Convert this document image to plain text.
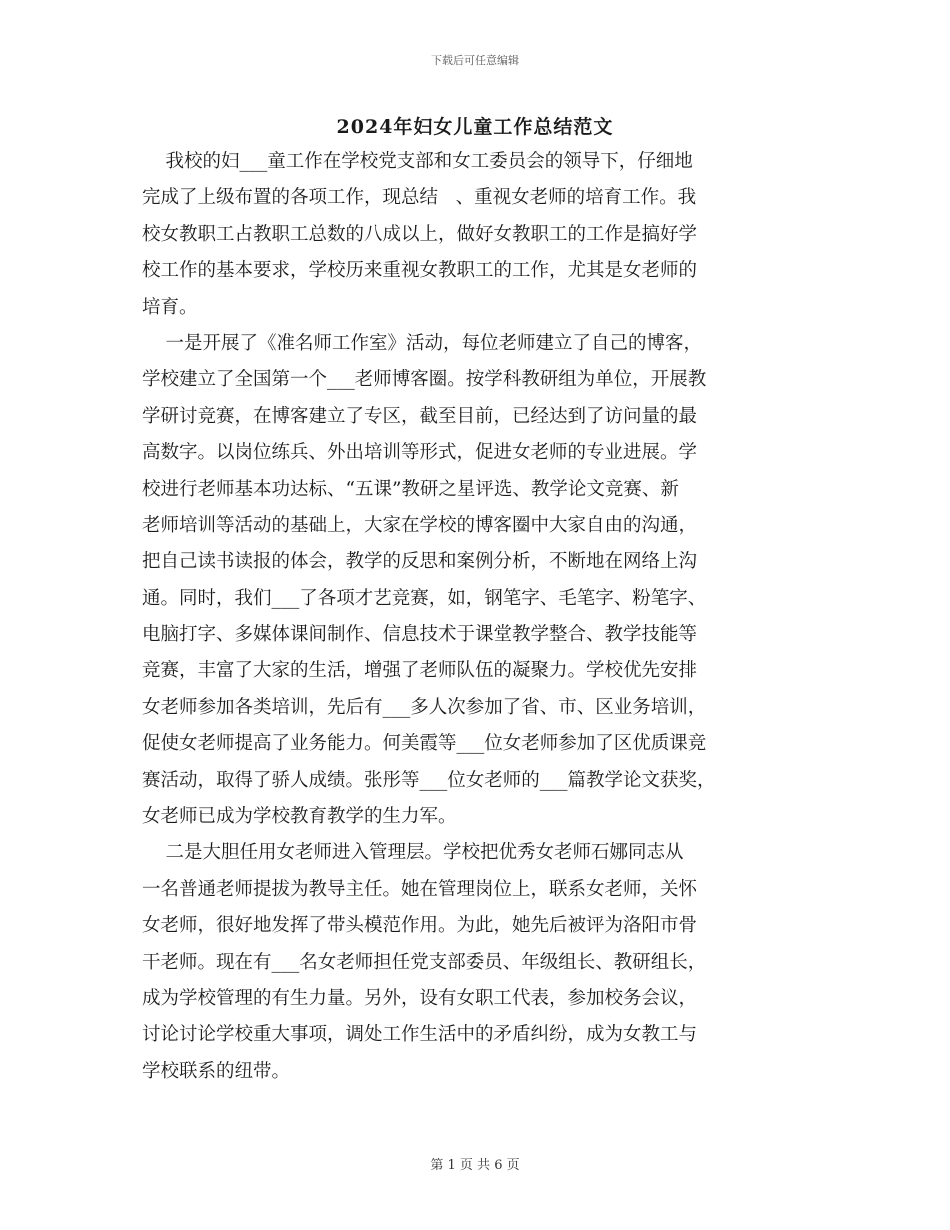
下载后可任意编辑
2024年妇女儿童工作总结范文
我校的妇___童工作在学校党支部和女工委员会的领导下，仔细地
完成了上级布置的各项工作，现总结   、重视女老师的培育工作。我
校女教职工占教职工总数的八成以上，做好女教职工的工作是搞好学
校工作的基本要求，学校历来重视女教职工的工作，尤其是女老师的
培育。
一是开展了《准名师工作室》活动，每位老师建立了自己的博客，
学校建立了全国第一个___老师博客圈。按学科教研组为单位，开展教
学研讨竞赛，在博客建立了专区，截至目前，已经达到了访问量的最
高数字。以岗位练兵、外出培训等形式，促进女老师的专业进展。学
校进行老师基本功达标、“五课”教研之星评选、教学论文竞赛、新
老师培训等活动的基础上，大家在学校的博客圈中大家自由的沟通，
把自己读书读报的体会，教学的反思和案例分析，不断地在网络上沟
通。同时，我们___了各项才艺竞赛，如，钢笔字、毛笔字、粉笔字、
电脑打字、多媒体课间制作、信息技术于课堂教学整合、教学技能等
竞赛，丰富了大家的生活，增强了老师队伍的凝聚力。学校优先安排
女老师参加各类培训，先后有___多人次参加了省、市、区业务培训，
促使女老师提高了业务能力。何美霞等___位女老师参加了区优质课竞
赛活动，取得了骄人成绩。张彤等___位女老师的___篇教学论文获奖，
女老师已成为学校教育教学的生力军。
二是大胆任用女老师进入管理层。学校把优秀女老师石娜同志从
一名普通老师提拔为教导主任。她在管理岗位上，联系女老师，关怀
女老师，很好地发挥了带头模范作用。为此，她先后被评为洛阳市骨
干老师。现在有___名女老师担任党支部委员、年级组长、教研组长，
成为学校管理的有生力量。另外，设有女职工代表，参加校务会议，
讨论讨论学校重大事项，调处工作生活中的矛盾纠纷，成为女教工与
学校联系的纽带。
第 1 页 共 6 页
